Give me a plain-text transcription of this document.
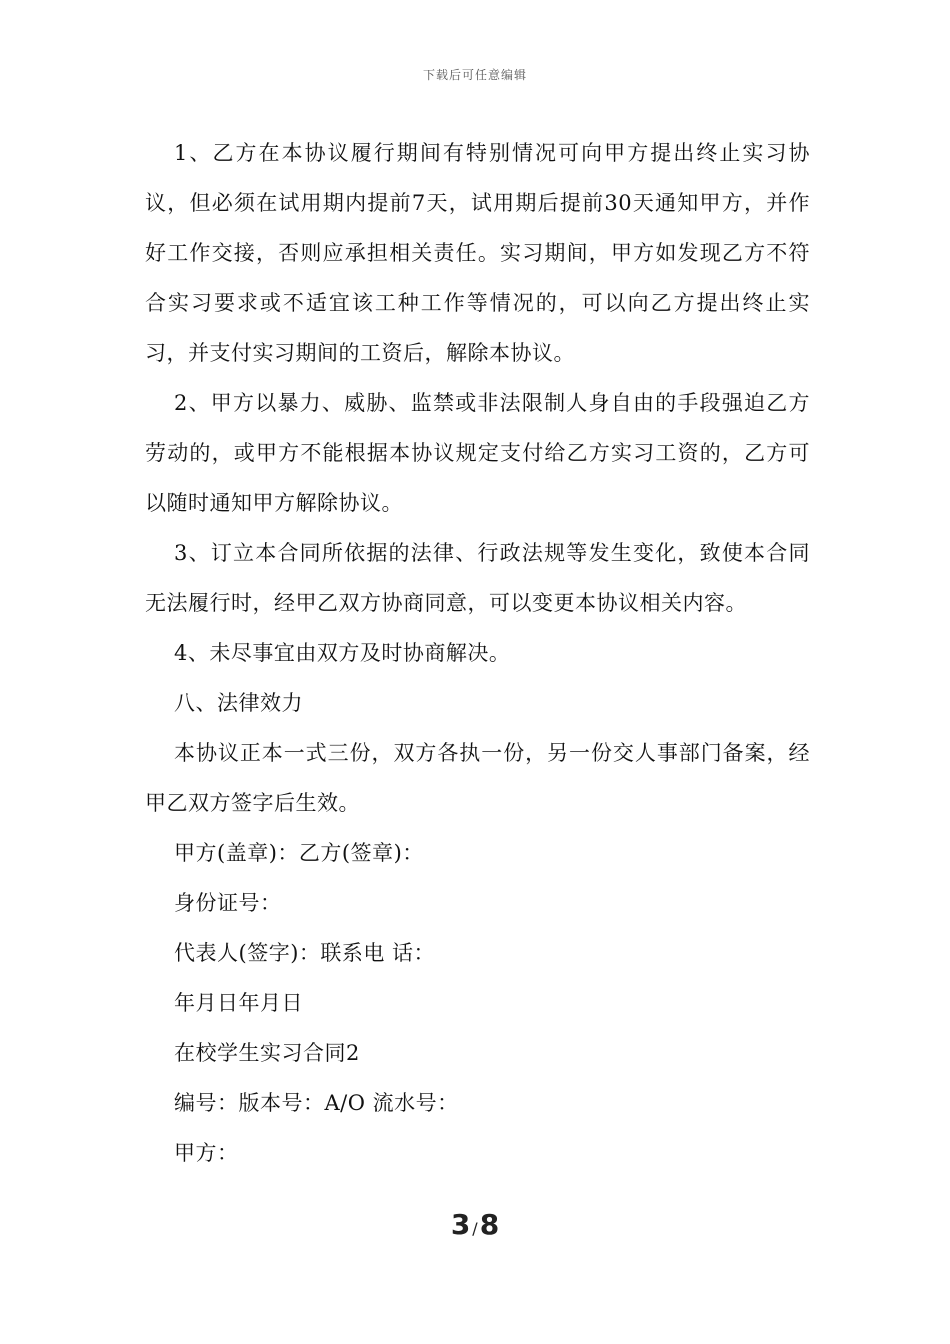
下载后可任意编辑

1、乙方在本协议履行期间有特别情况可向甲方提出终止实习协议，但必须在试用期内提前7天，试用期后提前30天通知甲方，并作好工作交接，否则应承担相关责任。实习期间，甲方如发现乙方不符合实习要求或不适宜该工种工作等情况的，可以向乙方提出终止实习，并支付实习期间的工资后，解除本协议。

2、甲方以暴力、威胁、监禁或非法限制人身自由的手段强迫乙方劳动的，或甲方不能根据本协议规定支付给乙方实习工资的，乙方可以随时通知甲方解除协议。

3、订立本合同所依据的法律、行政法规等发生变化，致使本合同无法履行时，经甲乙双方协商同意，可以变更本协议相关内容。

4、未尽事宜由双方及时协商解决。

八、法律效力

本协议正本一式三份，双方各执一份，另一份交人事部门备案，经甲乙双方签字后生效。

甲方(盖章)：乙方(签章)：

身份证号：

代表人(签字)：联系电 话：

年月日年月日

在校学生实习合同2

编号：版本号：A/O 流水号：

甲方：

3 /8
